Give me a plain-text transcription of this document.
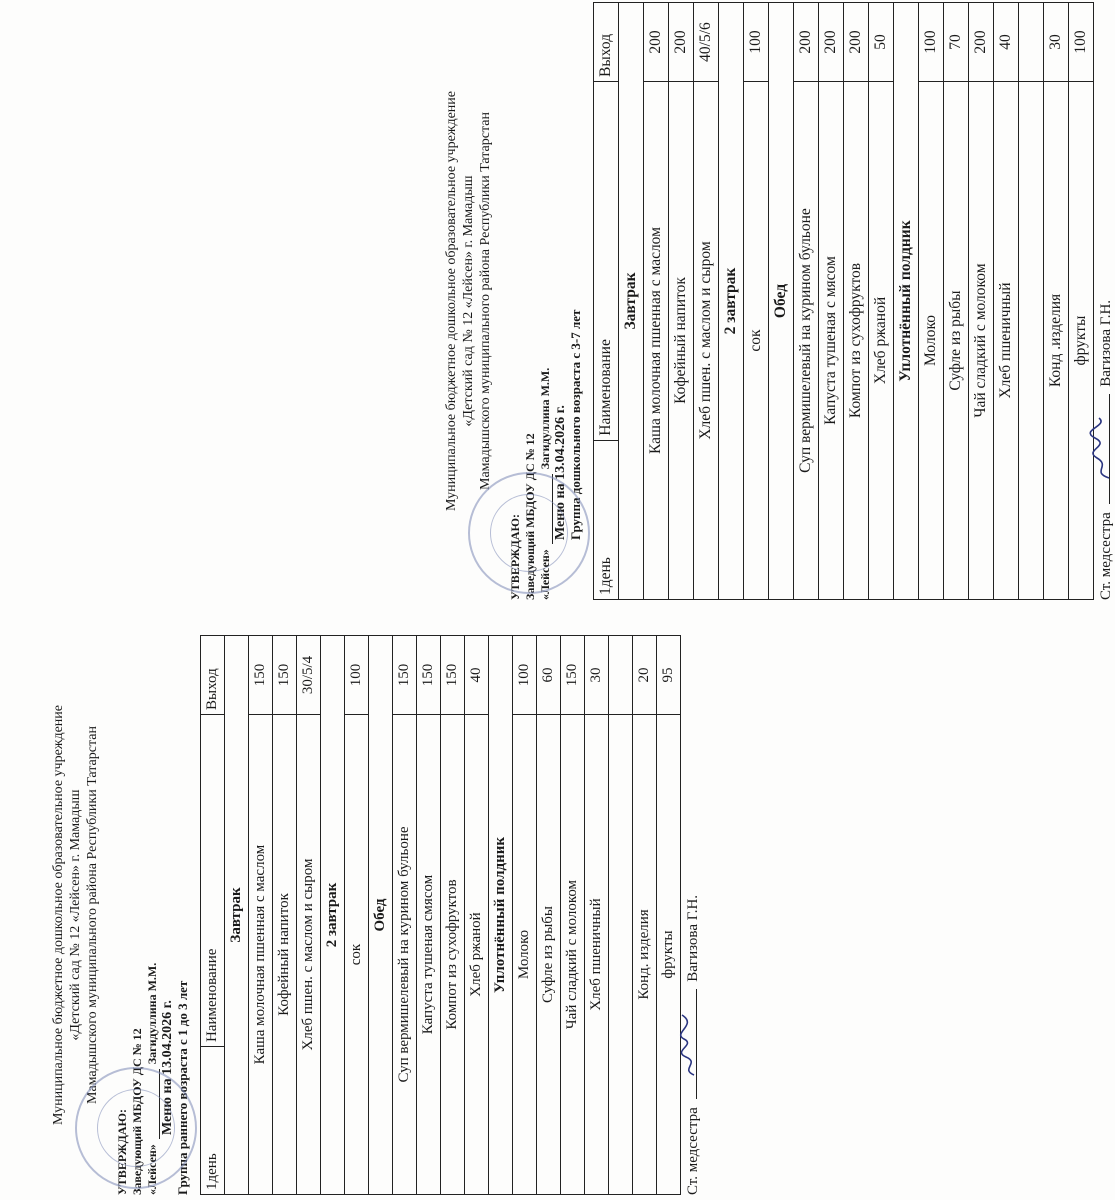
Муниципальное бюджетное дошкольное образовательное учреждение «Детский сад № 12 «Лейсен» г. Мамадыш Мамадышского муниципального района Республики Татарстан
УТВЕРЖДАЮ: Заведующий МБДОУ ДС № 12 «Лейсен»  Загидуллина М.М. Меню на 13.04.2026 г. Группа раннего возраста с 1 до 3 лет 1день	Наименование	Выход
Завтрак		
Каша молочная пшенная с маслом		150
Кофейный напиток		150
Хлеб пшен. с маслом и сыром		30/5/4
2 завтрак		
сок		100
Обед		
Суп вермишелевый на курином бульоне		150
Капуста тушеная смясом		150
Компот из сухофруктов		150
Хлеб ржаной		40
Уплотнённый полдник		
Молоко		100
Суфле из рыбы		60
Чай сладкий с молоком		150
Хлеб пшеничный		30

Конд. изделия		20
фрукты		95
Ст. медсестра
Вагизова Г.Н.
Муниципальное бюджетное дошкольное образовательное учреждение «Детский сад № 12 «Лейсен» г. Мамадыш Мамадышского муниципального района Республики Татарстан
УТВЕРЖДАЮ: Заведующий МБДОУ ДС № 12 «Лейсен»  Загидуллина М.М. Меню на 13.04.2026 г. Группа дошкольного возраста с 3-7 лет
1день	Наименование	Выход
Завтрак		
Каша молочная пшенная с маслом		200
Кофейный напиток		200
Хлеб пшен. с маслом и сыром		40/5/6
2 завтрак		
сок		100
Обед		
Суп вермишелевый на курином бульоне		200
Капуста тушеная с мясом		200
Компот из сухофруктов		200
Хлеб ржаной		50
Уплотнённый полдник		
Молоко		100
Суфле из рыбы		70
Чай сладкий с молоком		200
Хлеб пшеничный		40

Конд .изделия		30
фрукты		100
Ст. медсестра
Вагизова Г.Н.
